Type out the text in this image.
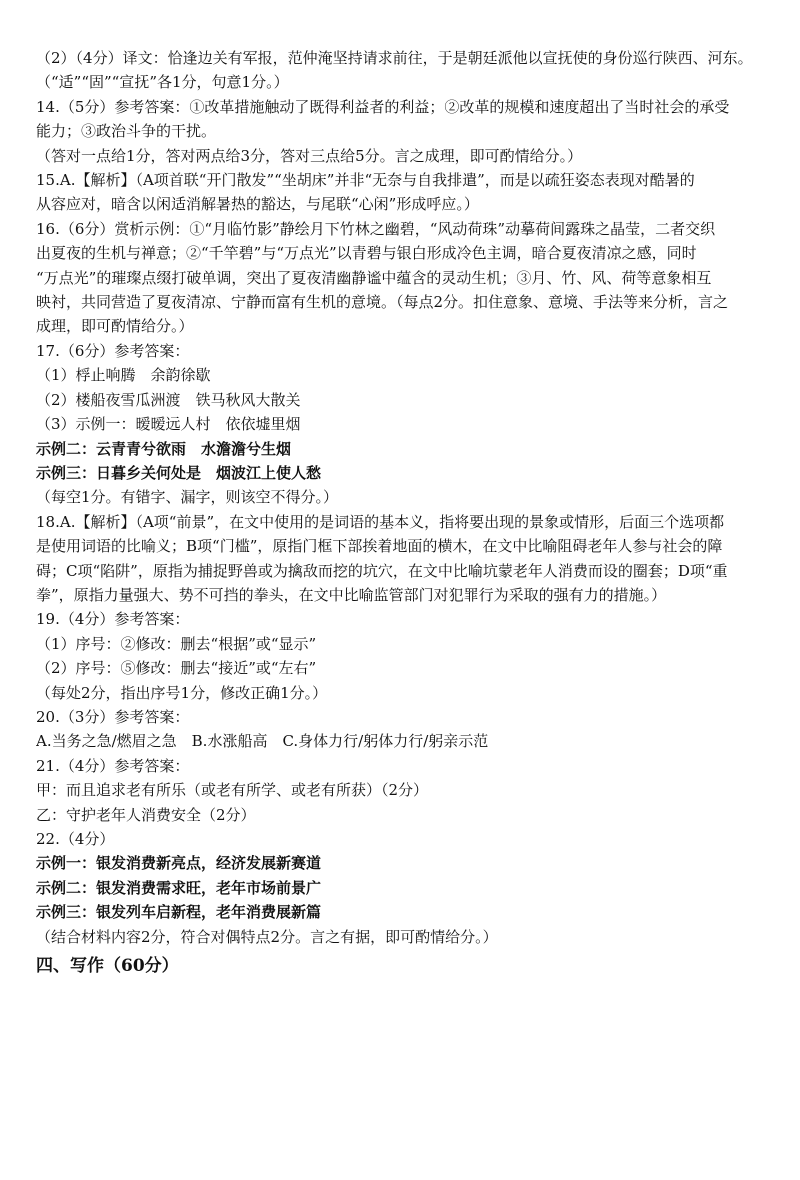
（2）（4分）译文：恰逢边关有军报，范仲淹坚持请求前往，于是朝廷派他以宣抚使的身份巡行陕西、河东。
（“适”“固”“宣抚”各1分，句意1分。）
14.（5分）参考答案：①改革措施触动了既得利益者的利益；②改革的规模和速度超出了当时社会的承受
能力；③政治斗争的干扰。
（答对一点给1分，答对两点给3分，答对三点给5分。言之成理，即可酌情给分。）
15.A.【解析】（A项首联“开门散发”“坐胡床”并非“无奈与自我排遣”，而是以疏狂姿态表现对酷暑的
从容应对，暗含以闲适消解暑热的豁达，与尾联“心闲”形成呼应。）
16.（6分）赏析示例：①“月临竹影”静绘月下竹林之幽碧，“风动荷珠”动摹荷间露珠之晶莹，二者交织
出夏夜的生机与禅意；②“千竿碧”与“万点光”以青碧与银白形成冷色主调，暗合夏夜清凉之感，同时
“万点光”的璀璨点缀打破单调，突出了夏夜清幽静谧中蕴含的灵动生机；③月、竹、风、荷等意象相互
映衬，共同营造了夏夜清凉、宁静而富有生机的意境。（每点2分。扣住意象、意境、手法等来分析，言之
成理，即可酌情给分。）
17.（6分）参考答案：
（1）桴止响腾　余韵徐歇
（2）楼船夜雪瓜洲渡　铁马秋风大散关
（3）示例一：暧暧远人村　依依墟里烟
示例二：云青青兮欲雨　水澹澹兮生烟
示例三：日暮乡关何处是　烟波江上使人愁
（每空1分。有错字、漏字，则该空不得分。）
18.A.【解析】（A项“前景”，在文中使用的是词语的基本义，指将要出现的景象或情形，后面三个选项都
是使用词语的比喻义；B项“门槛”，原指门框下部挨着地面的横木，在文中比喻阻碍老年人参与社会的障
碍；C项“陷阱”，原指为捕捉野兽或为擒敌而挖的坑穴，在文中比喻坑蒙老年人消费而设的圈套；D项“重
拳”，原指力量强大、势不可挡的拳头，在文中比喻监管部门对犯罪行为采取的强有力的措施。）
19.（4分）参考答案：
（1）序号：②修改：删去“根据”或“显示”
（2）序号：⑤修改：删去“接近”或“左右”
（每处2分，指出序号1分，修改正确1分。）
20.（3分）参考答案：
A.当务之急/燃眉之急　B.水涨船高　C.身体力行/躬体力行/躬亲示范
21.（4分）参考答案：
甲：而且追求老有所乐（或老有所学、或老有所获）（2分）
乙：守护老年人消费安全（2分）
22.（4分）
示例一：银发消费新亮点，经济发展新赛道
示例二：银发消费需求旺，老年市场前景广
示例三：银发列车启新程，老年消费展新篇
（结合材料内容2分，符合对偶特点2分。言之有据，即可酌情给分。）
四、写作（60分）
